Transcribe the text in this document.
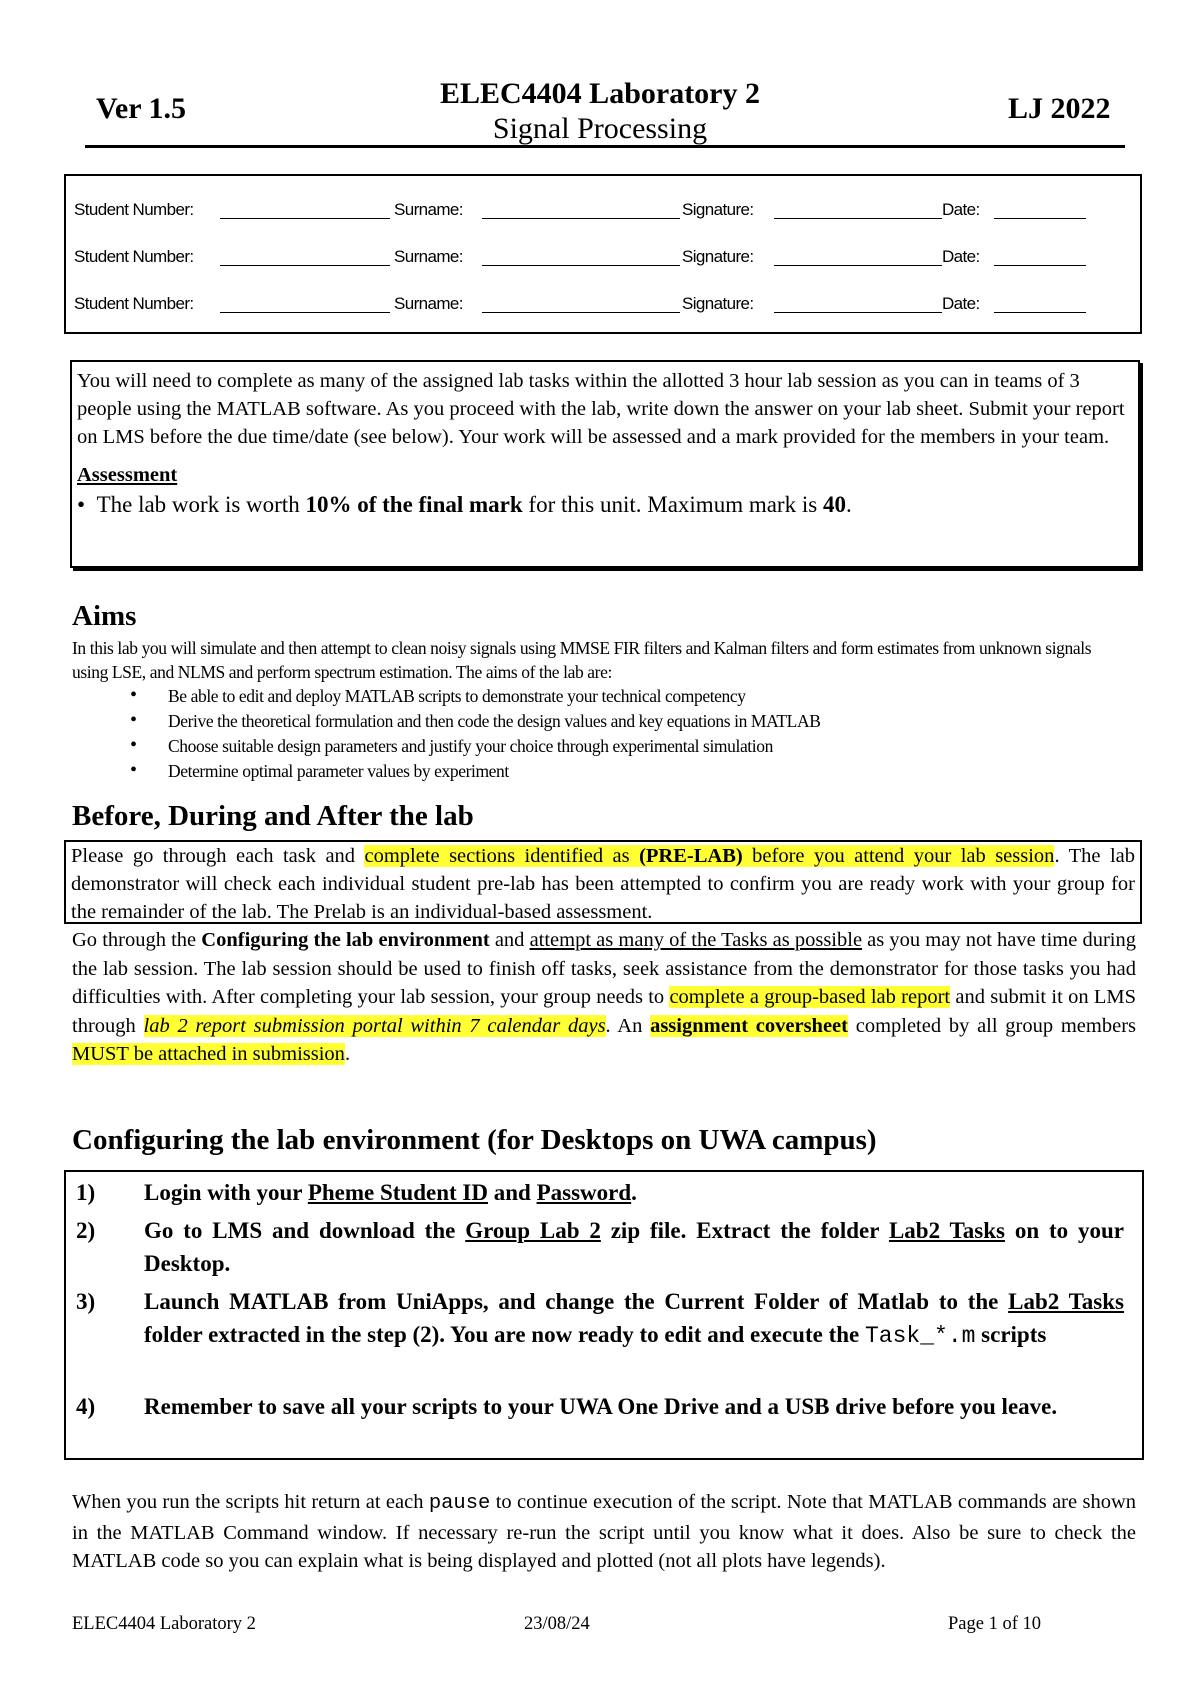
Ver 1.5	ELEC4404 Laboratory 2
Signal Processing
LJ 2022
Student Number:	Surname:	Signature:	Date:
Student Number:	Surname:	Signature:	Date:
Student Number:	Surname:	Signature:	Date:

You will need to complete as many of the assigned lab tasks within the allotted 3 hour lab session as you can in teams of 3 people using the MATLAB software. As you proceed with the lab, write down the answer on your lab sheet. Submit your report on LMS before the due time/date (see below). Your work will be assessed and a mark provided for the members in your team.

Assessment

• The lab work is worth 10% of the final mark for this unit. Maximum mark is 40.

Aims

In this lab you will simulate and then attempt to clean noisy signals using MMSE FIR filters and Kalman filters and form estimates from unknown signals using LSE, and NLMS and perform spectrum estimation. The aims of the lab are:

• Be able to edit and deploy MATLAB scripts to demonstrate your technical competency
• Derive the theoretical formulation and then code the design values and key equations in MATLAB
• Choose suitable design parameters and justify your choice through experimental simulation
• Determine optimal parameter values by experiment
Before, During and After the lab
Please go through each task and complete sections identified as (PRE-LAB) before you attend your lab session. The lab demonstrator will check each individual student pre-lab has been attempted to confirm you are ready work with your group for the remainder of the lab. The Prelab is an individual-based assessment.

Go through the Configuring the lab environment and attempt as many of the Tasks as possible as you may not have time during the lab session. The lab session should be used to finish off tasks, seek assistance from the demonstrator for those tasks you had difficulties with. After completing your lab session, your group needs to complete a group-based lab report and submit it on LMS through lab 2 report submission portal within 7 calendar days. An assignment coversheet completed by all group members MUST be attached in submission.

Configuring the lab environment (for Desktops on UWA campus)
1) Login with your Pheme Student ID and Password.
2) Go to LMS and download the Group Lab 2 zip file. Extract the folder Lab2 Tasks on to your Desktop.
3) Launch MATLAB from UniApps, and change the Current Folder of Matlab to the Lab2 Tasks folder extracted in the step (2). You are now ready to edit and execute the Task_*.m scripts
4) Remember to save all your scripts to your UWA One Drive and a USB drive before you leave.

When you run the scripts hit return at each pause to continue execution of the script. Note that MATLAB commands are shown in the MATLAB Command window. If necessary re-run the script until you know what it does. Also be sure to check the MATLAB code so you can explain what is being displayed and plotted (not all plots have legends).

ELEC4404 Laboratory 2	23/08/24	Page 1 of 10
